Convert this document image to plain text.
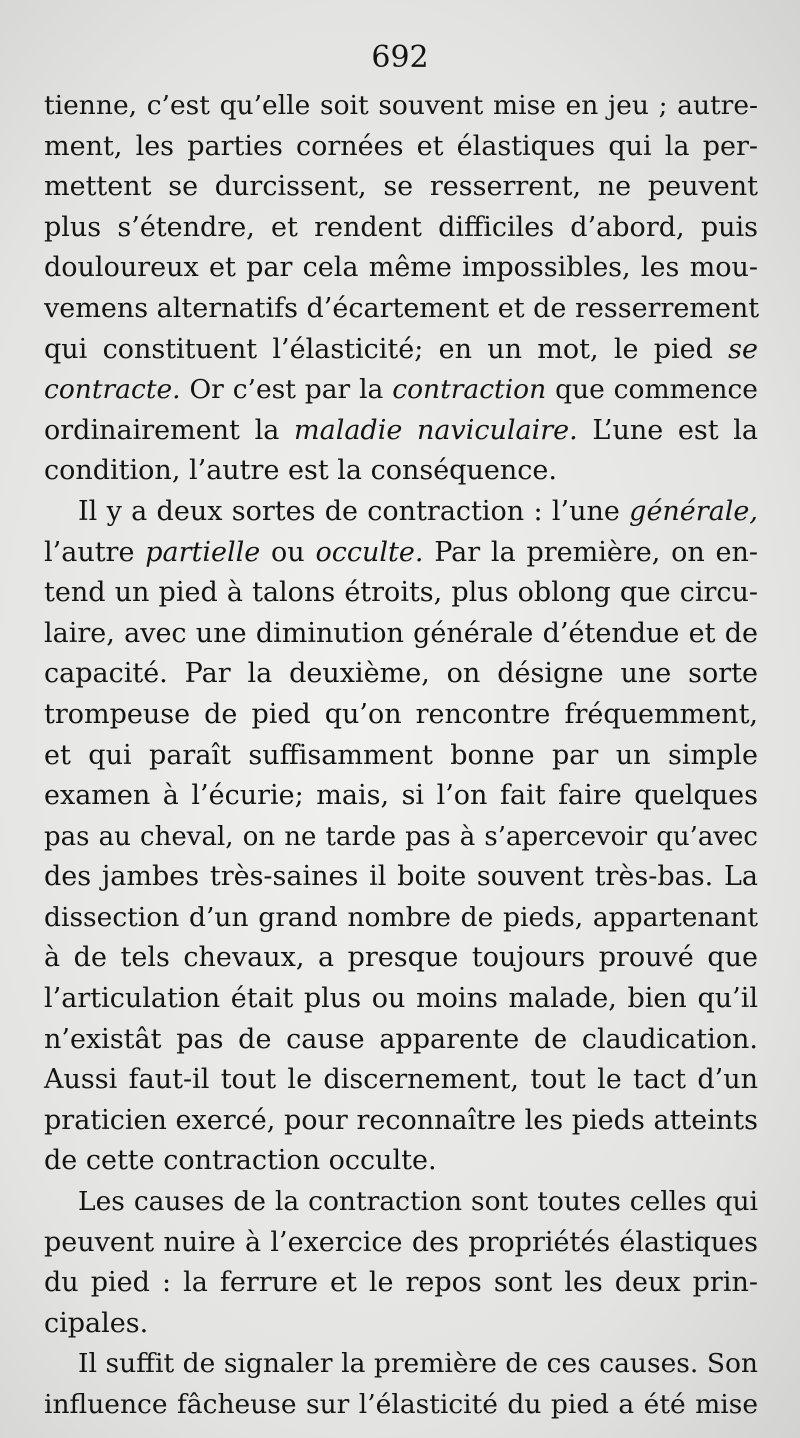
692
tienne, c’est qu’elle soit souvent mise en jeu ; autre-
ment, les parties cornées et élastiques qui la per-
mettent se durcissent, se resserrent, ne peuvent
plus s’étendre, et rendent difficiles d’abord, puis
douloureux et par cela même impossibles, les mou-
vemens alternatifs d’écartement et de resserrement
qui constituent l’élasticité; en un mot, le pied se
contracte. Or c’est par la contraction que commence
ordinairement la maladie naviculaire. L’une est la
condition, l’autre est la conséquence.
Il y a deux sortes de contraction : l’une générale,
l’autre partielle ou occulte. Par la première, on en-
tend un pied à talons étroits, plus oblong que circu-
laire, avec une diminution générale d’étendue et de
capacité. Par la deuxième, on désigne une sorte
trompeuse de pied qu’on rencontre fréquemment,
et qui paraît suffisamment bonne par un simple
examen à l’écurie; mais, si l’on fait faire quelques
pas au cheval, on ne tarde pas à s’apercevoir qu’avec
des jambes très-saines il boite souvent très-bas. La
dissection d’un grand nombre de pieds, appartenant
à de tels chevaux, a presque toujours prouvé que
l’articulation était plus ou moins malade, bien qu’il
n’existât pas de cause apparente de claudication.
Aussi faut-il tout le discernement, tout le tact d’un
praticien exercé, pour reconnaître les pieds atteints
de cette contraction occulte.
Les causes de la contraction sont toutes celles qui
peuvent nuire à l’exercice des propriétés élastiques
du pied : la ferrure et le repos sont les deux prin-
cipales.
Il suffit de signaler la première de ces causes. Son
influence fâcheuse sur l’élasticité du pied a été mise
